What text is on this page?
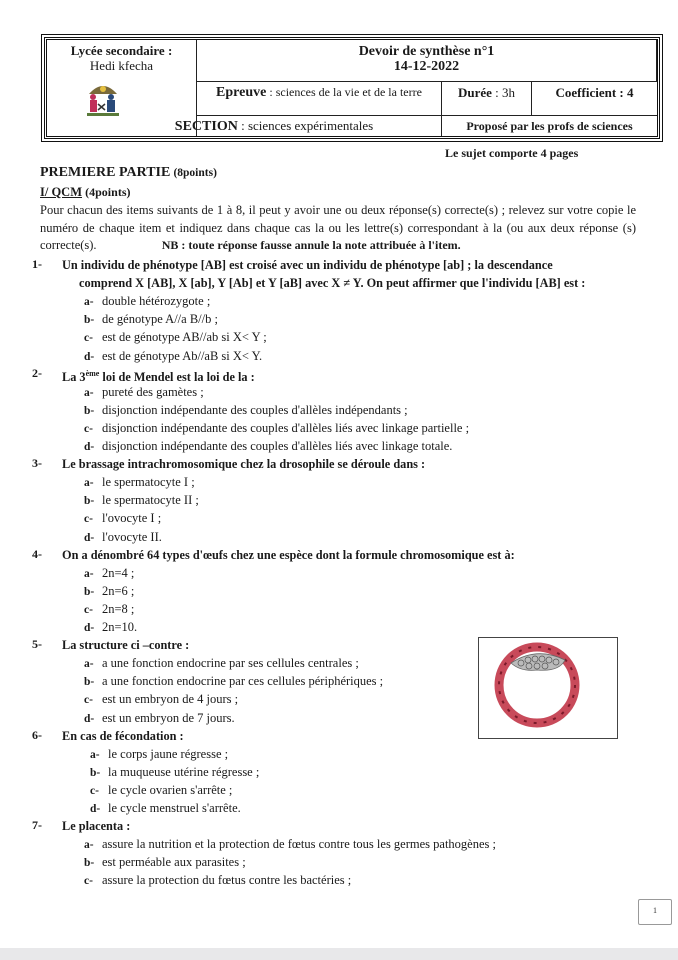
Lycée secondaire :
Hedi kfecha
Devoir de synthèse n°1
14-12-2022
Epreuve : sciences de la vie et de la terre	Durée : 3h	Coefficient : 4
SECTION : sciences expérimentales	Proposé par les profs de sciences
Le sujet comporte 4 pages
PREMIERE PARTIE (8points)
I/ QCM (4points)
Pour chacun des items suivants de 1 à 8, il peut y avoir une ou deux réponse(s) correcte(s) ; relevez sur votre copie le numéro de chaque item et indiquez dans chaque cas la ou les lettre(s) correspondant à la (ou aux deux réponse (s) correcte(s).	NB : toute réponse fausse annule la note attribuée à l'item.
1- Un individu de phénotype [AB] est croisé avec un individu de phénotype [ab] ; la descendance
comprend X [AB], X [ab], Y [Ab] et Y [aB] avec X ≠ Y. On peut affirmer que l'individu [AB] est :
a- double hétérozygote ;
b- de génotype A//a B//b ;
c- est de génotype AB//ab si X< Y ;
d- est de génotype Ab//aB si X< Y.
2- La 3ème loi de Mendel est la loi de la :
a- pureté des gamètes ;
b- disjonction indépendante des couples d'allèles indépendants ;
c- disjonction indépendante des couples d'allèles liés avec linkage partielle ;
d- disjonction indépendante des couples d'allèles liés avec linkage totale.
3- Le brassage intrachromosomique chez la drosophile se déroule dans :
a- le spermatocyte I ;
b- le spermatocyte II ;
c- l'ovocyte I ;
d- l'ovocyte II.
4- On a dénombré 64 types d'œufs chez une espèce dont la formule chromosomique est à:
a- 2n=4 ;
b- 2n=6 ;
c- 2n=8 ;
d- 2n=10.
5- La structure ci –contre :
a- a une fonction endocrine par ses cellules centrales ;
b- a une fonction endocrine par ces cellules périphériques ;
c- est un embryon de 4 jours ;
d- est un embryon de 7 jours.
6- En cas de fécondation :
a- le corps jaune régresse ;
b- la muqueuse utérine régresse ;
c- le cycle ovarien s'arrête ;
d- le cycle menstruel s'arrête.
7- Le placenta :
a- assure la nutrition et la protection de fœtus contre tous les germes pathogènes ;
b- est perméable aux parasites ;
c- assure la protection du fœtus contre les bactéries ;
1
